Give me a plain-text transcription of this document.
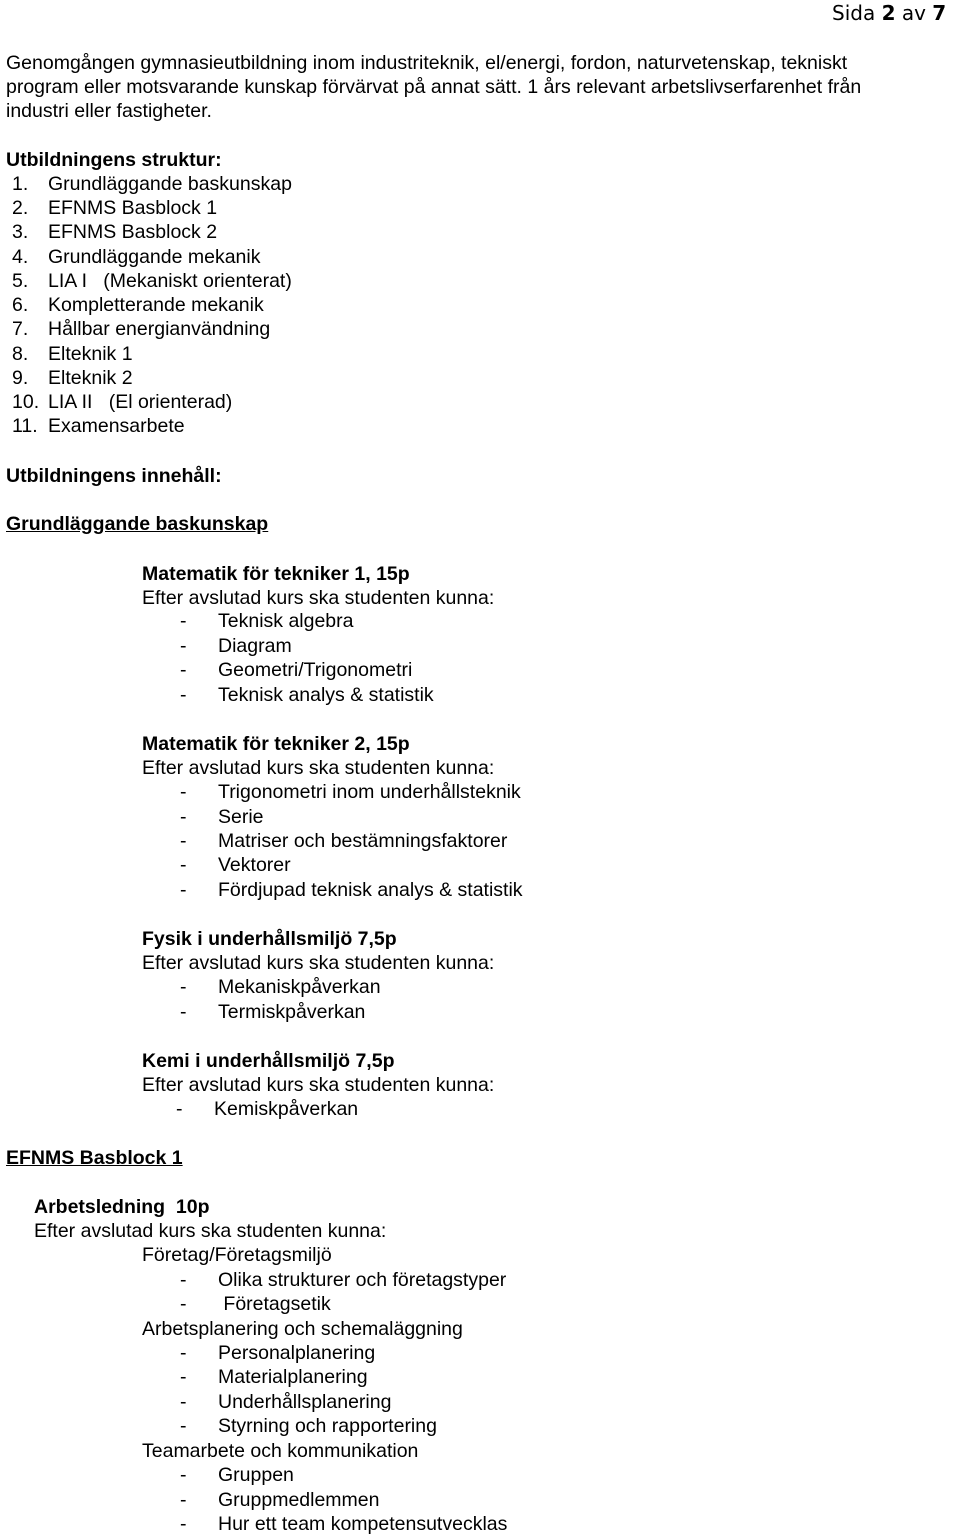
Sida 2 av 7
Genomgången gymnasieutbildning inom industriteknik, el/energi, fordon, naturvetenskap, tekniskt
program eller motsvarande kunskap förvärvat på annat sätt. 1 års relevant arbetslivserfarenhet från
industri eller fastigheter.
Utbildningens struktur:
1. Grundläggande baskunskap
2. EFNMS Basblock 1
3. EFNMS Basblock 2
4. Grundläggande mekanik
5. LIA I   (Mekaniskt orienterat)
6. Kompletterande mekanik
7. Hållbar energianvändning
8. Elteknik 1
9. Elteknik 2
10. LIA II   (El orienterad)
11. Examensarbete
Utbildningens innehåll:
Grundläggande baskunskap
Matematik för tekniker 1, 15p
Efter avslutad kurs ska studenten kunna:
- Teknisk algebra
- Diagram
- Geometri/Trigonometri
- Teknisk analys & statistik
Matematik för tekniker 2, 15p
Efter avslutad kurs ska studenten kunna:
- Trigonometri inom underhållsteknik
- Serie
- Matriser och bestämningsfaktorer
- Vektorer
- Fördjupad teknisk analys & statistik
Fysik i underhållsmiljö 7,5p
Efter avslutad kurs ska studenten kunna:
- Mekaniskpåverkan
- Termiskpåverkan
Kemi i underhållsmiljö 7,5p
Efter avslutad kurs ska studenten kunna:
- Kemiskpåverkan
EFNMS Basblock 1
Arbetsledning  10p
Efter avslutad kurs ska studenten kunna:
Företag/Företagsmiljö
- Olika strukturer och företagstyper
- Företagsetik
Arbetsplanering och schemaläggning
- Personalplanering
- Materialplanering
- Underhållsplanering
- Styrning och rapportering
Teamarbete och kommunikation
- Gruppen
- Gruppmedlemmen
- Hur ett team kompetensutvecklas
